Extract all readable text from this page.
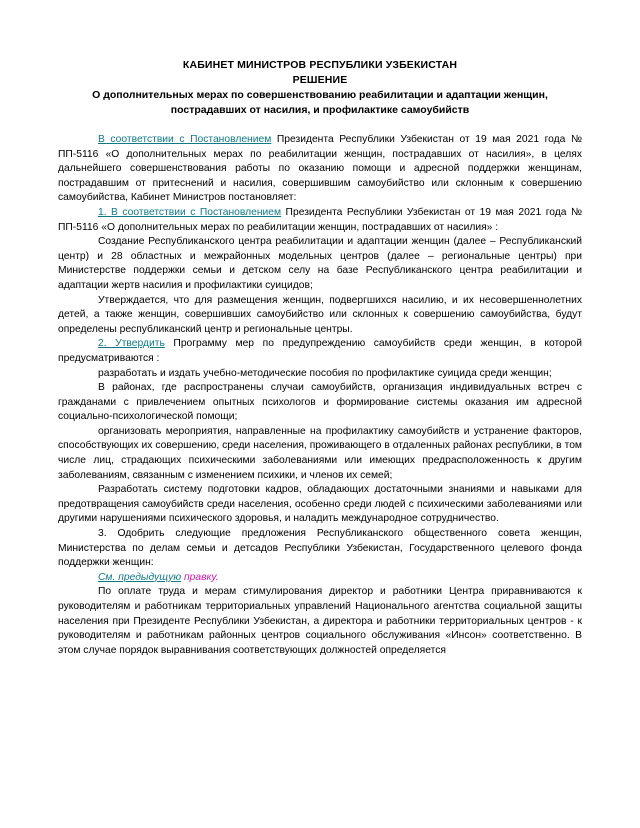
КАБИНЕТ МИНИСТРОВ РЕСПУБЛИКИ УЗБЕКИСТАН
РЕШЕНИЕ
О дополнительных мерах по совершенствованию реабилитации и адаптации женщин, пострадавших от насилия, и профилактике самоубийств

В соответствии с Постановлением Президента Республики Узбекистан от 19 мая 2021 года № ПП-5116 «О дополнительных мерах по реабилитации женщин, пострадавших от насилия», в целях дальнейшего совершенствования работы по оказанию помощи и адресной поддержки женщинам, пострадавшим от притеснений и насилия, совершившим самоубийство или склонным к совершению самоубийства, Кабинет Министров постановляет:

1. В соответствии с Постановлением Президента Республики Узбекистан от 19 мая 2021 года № ПП-5116 «О дополнительных мерах по реабилитации женщин, пострадавших от насилия» :

Создание Республиканского центра реабилитации и адаптации женщин (далее – Республиканский центр) и 28 областных и межрайонных модельных центров (далее – региональные центры) при Министерстве поддержки семьи и детском селу на базе Республиканского центра реабилитации и адаптации жертв насилия и профилактики суицидов;

Утверждается, что для размещения женщин, подвергшихся насилию, и их несовершеннолетних детей, а также женщин, совершивших самоубийство или склонных к совершению самоубийства, будут определены республиканский центр и региональные центры.

2. Утвердить Программу мер по предупреждению самоубийств среди женщин, в которой предусматриваются :

разработать и издать учебно-методические пособия по профилактике суицида среди женщин;

В районах, где распространены случаи самоубийств, организация индивидуальных встреч с гражданами с привлечением опытных психологов и формирование системы оказания им адресной социально-психологической помощи;

организовать мероприятия, направленные на профилактику самоубийств и устранение факторов, способствующих их совершению, среди населения, проживающего в отдаленных районах республики, в том числе лиц, страдающих психическими заболеваниями или имеющих предрасположенность к другим заболеваниям, связанным с изменением психики, и членов их семей;

Разработать систему подготовки кадров, обладающих достаточными знаниями и навыками для предотвращения самоубийств среди населения, особенно среди людей с психическими заболеваниями или другими нарушениями психического здоровья, и наладить международное сотрудничество.

3. Одобрить следующие предложения Республиканского общественного совета женщин, Министерства по делам семьи и детсадов Республики Узбекистан, Государственного целевого фонда поддержки женщин:

См. предыдущую правку.

По оплате труда и мерам стимулирования директор и работники Центра приравниваются к руководителям и работникам территориальных управлений Национального агентства социальной защиты населения при Президенте Республики Узбекистан, а директора и работники территориальных центров - к руководителям и работникам районных центров социального обслуживания «Инсон» соответственно. В этом случае порядок выравнивания соответствующих должностей определяется
